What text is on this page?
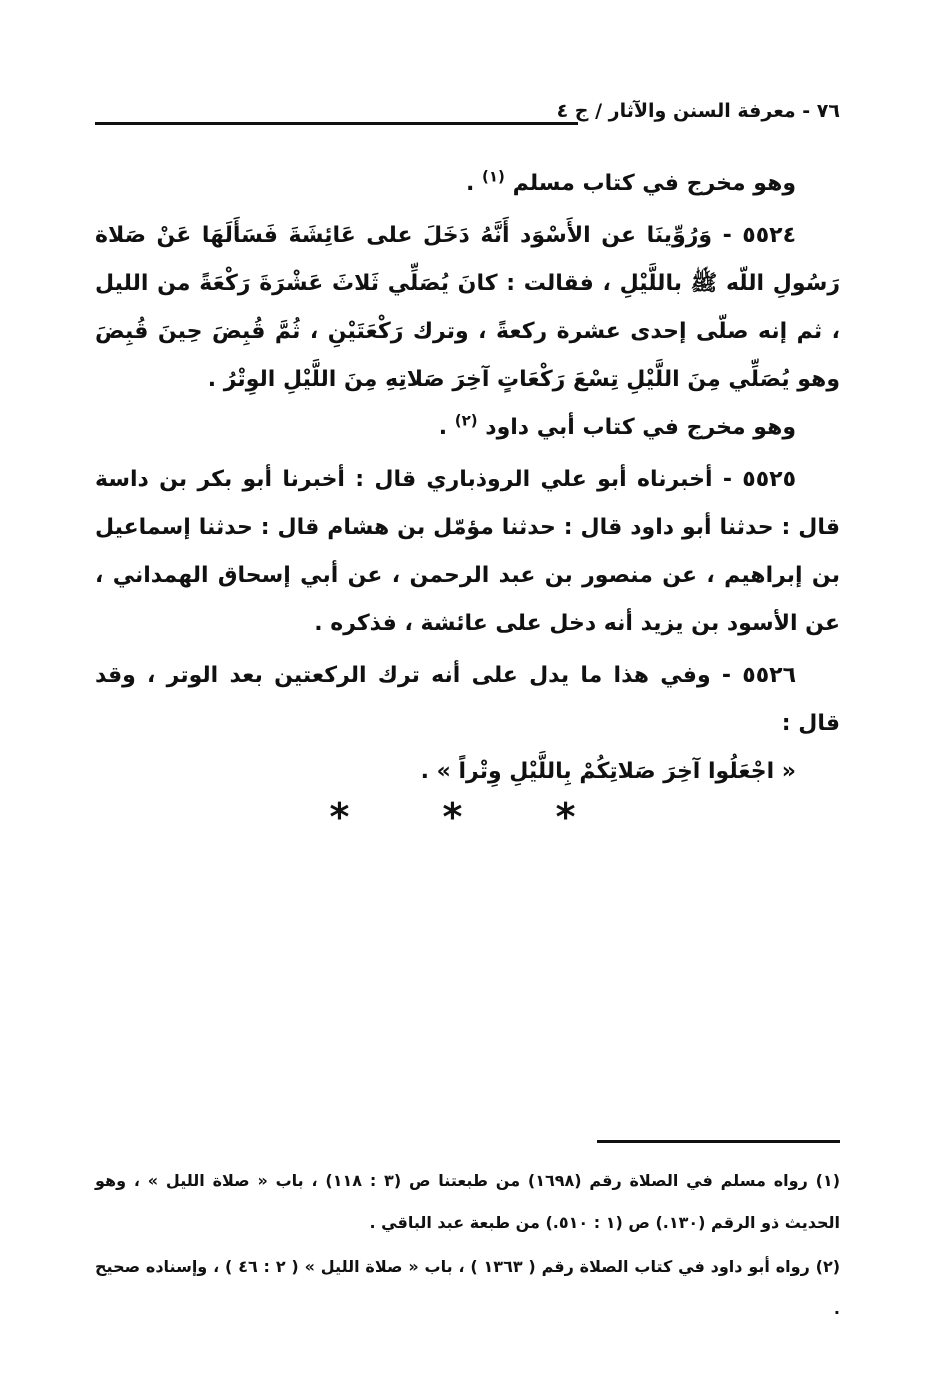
٧٦ - معرفة السنن والآثار / ج ٤

  وهو مخرج في كتاب مسلم $^{(١)}$ .

  ٥٥٢٤ - وَرُوِّينَا عن الأَسْوَد أَنَّهُ دَخَلَ على عَائِشَةَ فَسَأَلَهَا عَنْ صَلاة رَسُولِ اللّه ﷺ باللَّيْلِ ، فقالت : كانَ يُصَلِّي ثَلاثَ عَشْرَةَ رَكْعَةً من الليل ، ثم إنه صلّى إحدى عشرة ركعةً ، وترك رَكْعَتَيْنِ ، ثُمَّ قُبِضَ حِينَ قُبِضَ وهو يُصَلِّي مِنَ اللَّيْلِ تِسْعَ رَكْعَاتٍ آخِرَ صَلاتِهِ مِنَ اللَّيْلِ الوِتْرُ .

  وهو مخرج في كتاب أبي داود $^{(٢)}$ .

  ٥٥٢٥ - أخبرناه أبو علي الروذباري قال : أخبرنا أبو بكر بن داسة قال : حدثنا أبو داود قال : حدثنا مؤمّل بن هشام قال : حدثنا إسماعيل بن إبراهيم ، عن منصور بن عبد الرحمن ، عن أبي إسحاق الهمداني ، عن الأسود بن يزيد أنه دخل على عائشة ، فذكره .

  ٥٥٢٦ - وفي هذا ما يدل على أنه ترك الركعتين بعد الوتر ، وقد قال :

  « اجْعَلُوا آخِرَ صَلاتِكُمْ بِاللَّيْلِ وِتْراً » .

* * *

(١) رواه مسلم في الصلاة رقم (١٦٩٨) من طبعتنا ص (٣ : ١١٨) ، باب « صلاة الليل » ، وهو الحديث ذو الرقم (١٣٠.) ص (١ : ٥١٠.) من طبعة عبد الباقي .

(٢) رواه أبو داود في كتاب الصلاة رقم ( ١٣٦٣ ) ، باب « صلاة الليل » ( ٢ : ٤٦ ) ، وإسناده صحيح .
